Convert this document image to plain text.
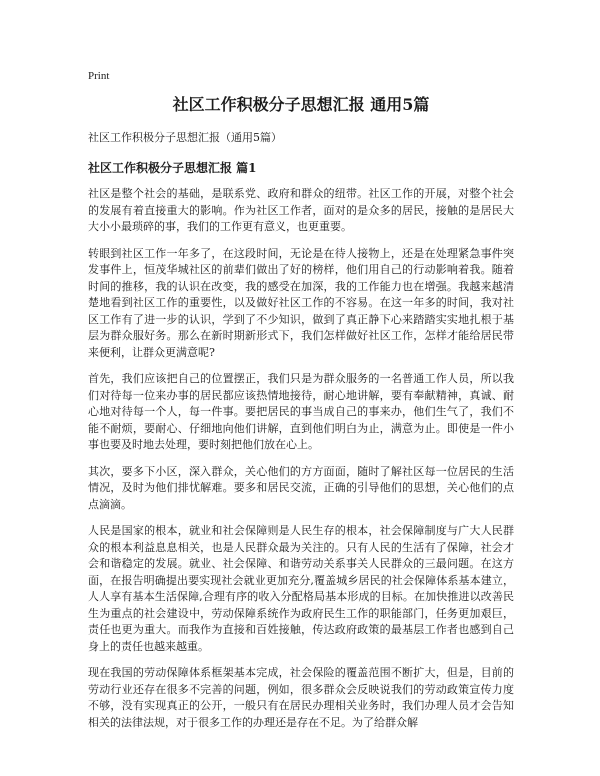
Print
社区工作积极分子思想汇报 通用5篇
社区工作积极分子思想汇报（通用5篇）
社区工作积极分子思想汇报 篇1

社区是整个社会的基础，是联系党、政府和群众的纽带。社区工作的开展，对整个社会的发展有着直接重大的影响。作为社区工作者，面对的是众多的居民，接触的是居民大大小小最琐碎的事，我们的工作更有意义，也更重要。

转眼到社区工作一年多了，在这段时间，无论是在待人接物上，还是在处理紧急事件突发事件上，恒茂华城社区的前辈们做出了好的榜样，他们用自己的行动影响着我。随着时间的推移，我的认识在改变，我的感受在加深，我的工作能力也在增强。我越来越清楚地看到社区工作的重要性，以及做好社区工作的不容易。在这一年多的时间，我对社区工作有了进一步的认识，学到了不少知识，做到了真正静下心来踏踏实实地扎根于基层为群众服好务。那么在新时期新形式下，我们怎样做好社区工作，怎样才能给居民带来便利，让群众更满意呢?

首先，我们应该把自己的位置摆正，我们只是为群众服务的一名普通工作人员，所以我们对待每一位来办事的居民都应该热情地接待，耐心地讲解，要有奉献精神，真诚、耐心地对待每一个人，每一件事。要把居民的事当成自己的事来办，他们生气了，我们不能不耐烦，要耐心、仔细地向他们讲解，直到他们明白为止，满意为止。即使是一件小事也要及时地去处理，要时刻把他们放在心上。

其次，要多下小区，深入群众，关心他们的方方面面，随时了解社区每一位居民的生活情况，及时为他们排忧解难。要多和居民交流，正确的引导他们的思想，关心他们的点点滴滴。

人民是国家的根本，就业和社会保障则是人民生存的根本，社会保障制度与广大人民群众的根本利益息息相关，也是人民群众最为关注的。只有人民的生活有了保障，社会才会和谐稳定的发展。就业、社会保障、和谐劳动关系事关人民群众的三最问题。在这方面，在报告明确提出要实现社会就业更加充分,覆盖城乡居民的社会保障体系基本建立，人人享有基本生活保障,合理有序的收入分配格局基本形成的目标。在加快推进以改善民生为重点的社会建设中，劳动保障系统作为政府民生工作的职能部门，任务更加艰巨，责任也更为重大。而我作为直接和百姓接触，传达政府政策的最基层工作者也感到自己身上的责任也越来越重。

现在我国的劳动保障体系框架基本完成，社会保险的覆盖范围不断扩大，但是，目前的劳动行业还存在很多不完善的问题，例如，很多群众会反映说我们的劳动政策宣传力度不够，没有实现真正的公开，一般只有在居民办理相关业务时，我们办理人员才会告知相关的法律法规，对于很多工作的办理还是存在不足。为了给群众解
